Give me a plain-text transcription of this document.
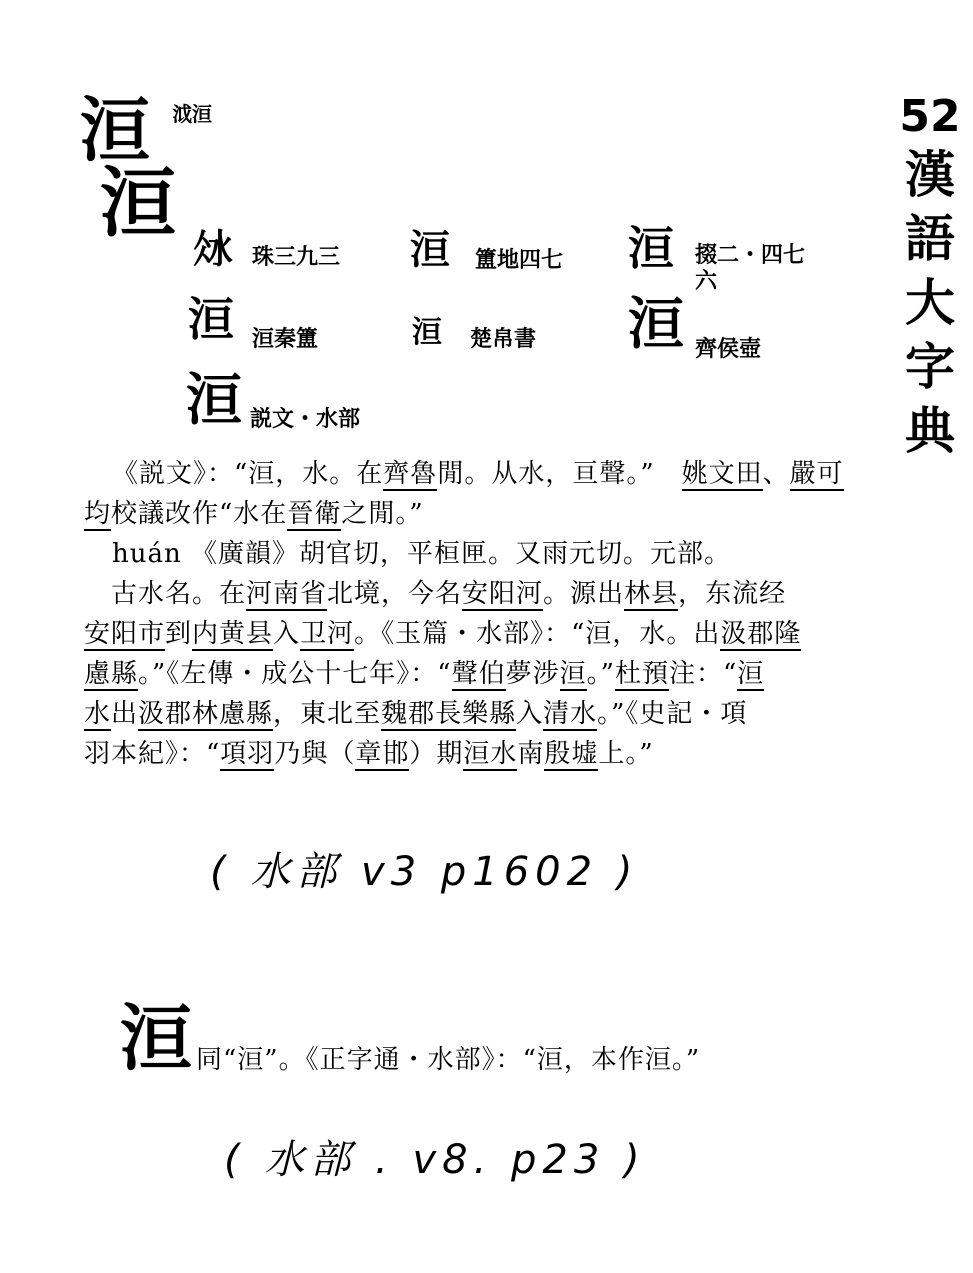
52
漢
語
大
字
典
洹 泧洹
洹
𣲝 珠三九三 洹 簠地四七 洹 掇二・四七
六
洹 洹秦簠	洹 楚帛書 洹 齊侯壺
洹 説文・水部
《説文》：“洹，水。在齊魯閒。从水，亘聲。”　姚文田、嚴可
均校議改作“水在晉衛之閒。”
huán 《廣韻》胡官切，平桓匣。又雨元切。元部。
　古水名。在河南省北境，今名安阳河。源出林县，东流经
安阳市到内黄县入卫河。《玉篇・水部》：“洹，水。出汲郡隆
慮縣。”《左傳・成公十七年》：“聲伯夢涉洹。”杜預注：“洹
水出汲郡林慮縣，東北至魏郡長樂縣入清水。”《史記・項
羽本紀》：“項羽乃與（章邯）期洹水南殷墟上。”
( 水部 v3 p1602 )
洹 同“洹”。《正字通・水部》：“洹，本作洹。”
( 水部 . v8. p23 )
